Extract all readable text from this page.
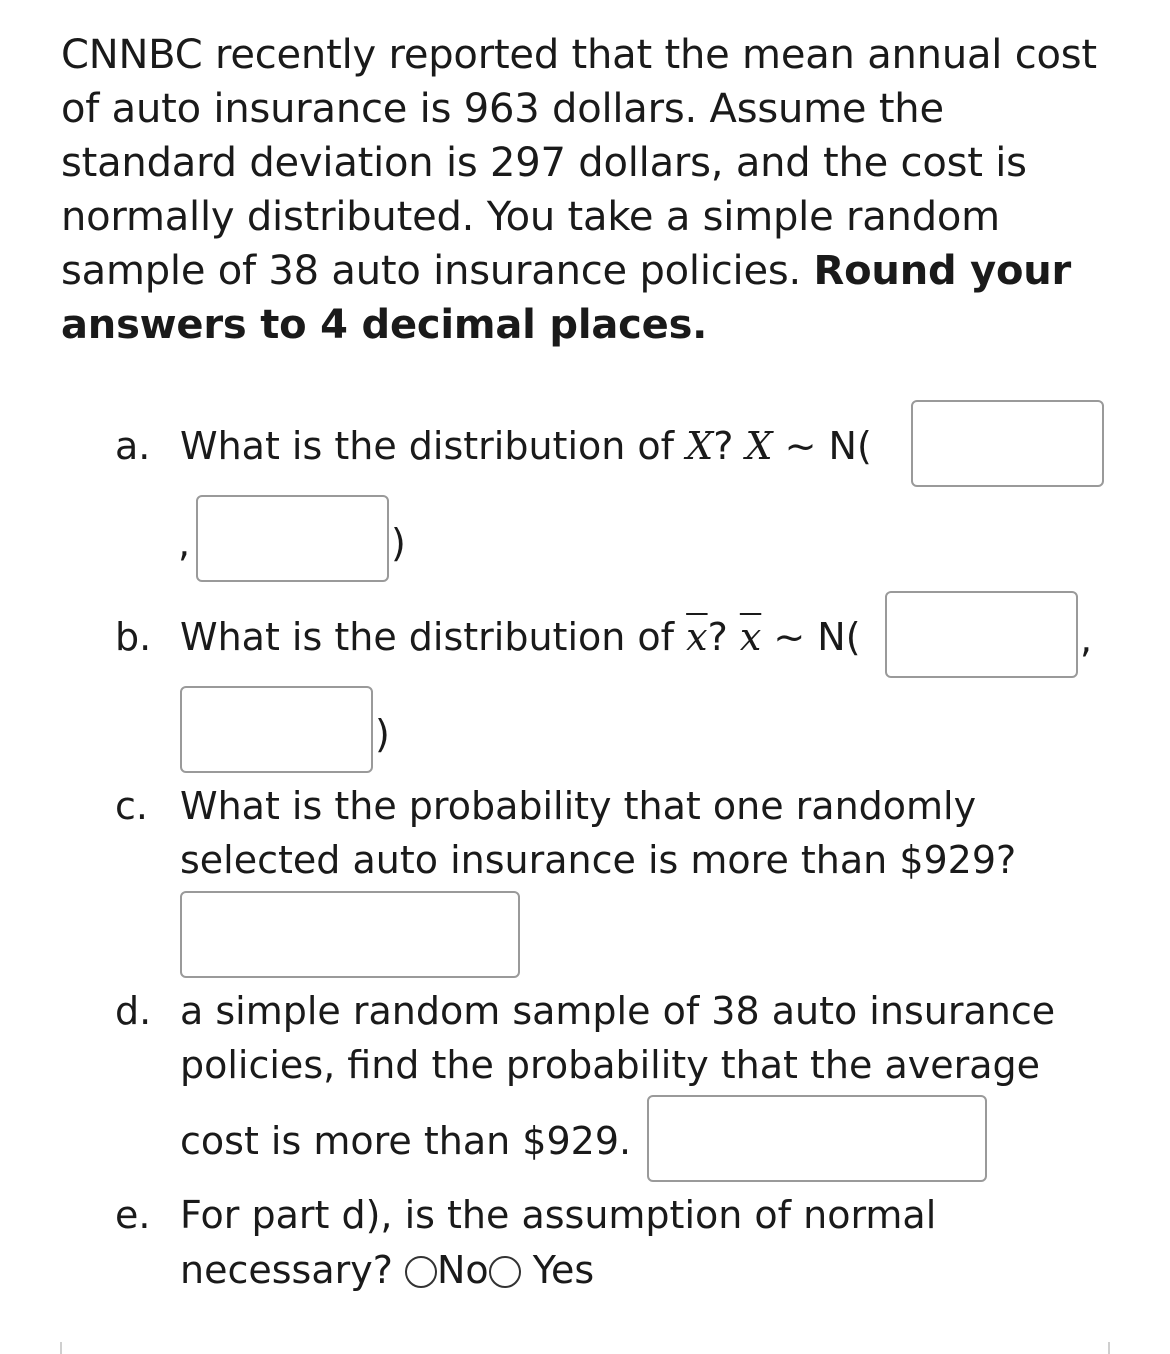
CNNBC recently reported that the mean annual cost of auto insurance is 963 dollars. Assume the standard deviation is 297 dollars, and the cost is normally distributed. You take a simple random sample of 38 auto insurance policies. Round your answers to 4 decimal places.
a. What is the distribution of X? X ~ N(
,	)
b. What is the distribution of $\overline{x}$? $\overline{x}$ ~ N(	,
)
c. What is the probability that one randomly
selected auto insurance is more than $929?
d. a simple random sample of 38 auto insurance
policies, find the probability that the average
cost is more than $929.
e. For part d), is the assumption of normal
necessary? No Yes
